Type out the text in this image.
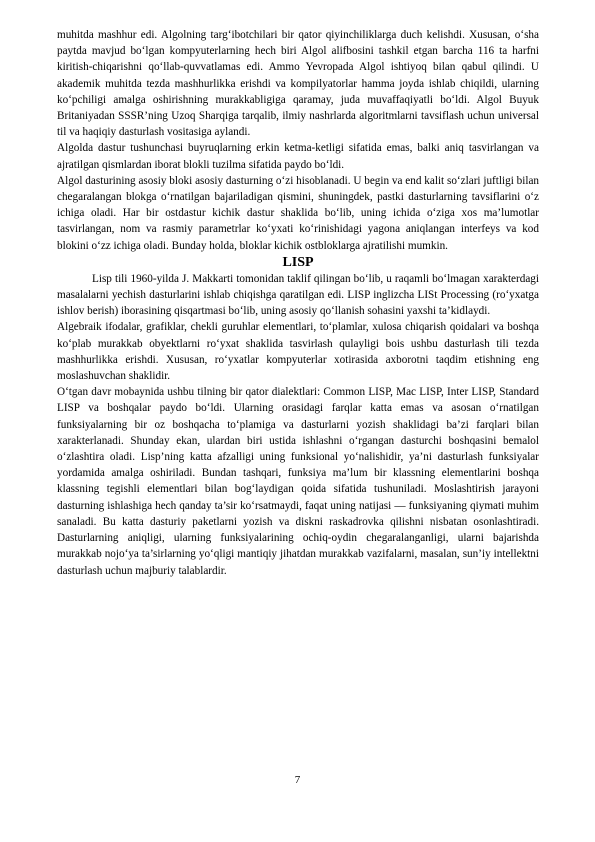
muhitda mashhur edi. Algolning targ‘ibotchilari bir qator qiyinchiliklarga duch kelishdi. Xususan, o‘sha paytda mavjud bo‘lgan kompyuterlarning hech biri Algol alifbosini tashkil etgan barcha 116 ta harfni kiritish-chiqarishni qo‘llab-quvvatlamas edi. Ammo Yevropada Algol ishtiyoq bilan qabul qilindi. U akademik muhitda tezda mashhurlikka erishdi va kompilyatorlar hamma joyda ishlab chiqildi, ularning ko‘pchiligi amalga oshirishning murakkabligiga qaramay, juda muvaffaqiyatli bo‘ldi. Algol Buyuk Britaniyadan SSSR’ning Uzoq Sharqiga tarqalib, ilmiy nashrlarda algoritmlarni tavsiflash uchun universal til va haqiqiy dasturlash vositasiga aylandi.

Algolda dastur tushunchasi buyruqlarning erkin ketma-ketligi sifatida emas, balki aniq tasvirlangan va ajratilgan qismlardan iborat blokli tuzilma sifatida paydo bo‘ldi.

Algol dasturining asosiy bloki asosiy dasturning o‘zi hisoblanadi. U begin va end kalit so‘zlari juftligi bilan chegaralangan blokga o‘rnatilgan bajariladigan qismini, shuningdek, pastki dasturlarning tavsiflarini o‘z ichiga oladi. Har bir ostdastur kichik dastur shaklida bo‘lib, uning ichida o‘ziga xos ma’lumotlar tasvirlangan, nom va rasmiy parametrlar ko‘yxati ko‘rinishidagi yagona aniqlangan interfeys va kod blokini o‘zz ichiga oladi. Bunday holda, bloklar kichik ostbloklarga ajratilishi mumkin.

LISP

Lisp tili 1960-yilda J. Makkarti tomonidan taklif qilingan bo‘lib, u raqamli bo‘lmagan xarakterdagi masalalarni yechish dasturlarini ishlab chiqishga qaratilgan edi. LISP inglizcha LISt Processing (ro‘yxatga ishlov berish) iborasining qisqartmasi bo‘lib, uning asosiy qo‘llanish sohasini yaxshi ta’kidlaydi.

Algebraik ifodalar, grafiklar, chekli guruhlar elementlari, to‘plamlar, xulosa chiqarish qoidalari va boshqa ko‘plab murakkab obyektlarni ro‘yxat shaklida tasvirlash qulayligi bois ushbu dasturlash tili tezda mashhurlikka erishdi. Xususan, ro‘yxatlar kompyuterlar xotirasida axborotni taqdim etishning eng moslashuvchan shaklidir.

O‘tgan davr mobaynida ushbu tilning bir qator dialektlari: Common LISP, Mac LISP, Inter LISP, Standard LISP va boshqalar paydo bo‘ldi. Ularning orasidagi farqlar katta emas va asosan o‘rnatilgan funksiyalarning bir oz boshqacha to‘plamiga va dasturlarni yozish shaklidagi ba’zi farqlari bilan xarakterlanadi. Shunday ekan, ulardan biri ustida ishlashni o‘rgangan dasturchi boshqasini bemalol o‘zlashtira oladi. Lisp’ning katta afzalligi uning funksional yo‘nalishidir, ya’ni dasturlash funksiyalar yordamida amalga oshiriladi. Bundan tashqari, funksiya ma’lum bir klassning elementlarini boshqa klassning tegishli elementlari bilan bog‘laydigan qoida sifatida tushuniladi. Moslashtirish jarayoni dasturning ishlashiga hech qanday ta’sir ko‘rsatmaydi, faqat uning natijasi — funksiyaning qiymati muhim sanaladi. Bu katta dasturiy paketlarni yozish va diskni raskadrovka qilishni nisbatan osonlashtiradi. Dasturlarning aniqligi, ularning funksiyalarining ochiq-oydin chegaralanganligi, ularni bajarishda murakkab nojo‘ya ta’sirlarning yo‘qligi mantiqiy jihatdan murakkab vazifalarni, masalan, sun’iy intellektni dasturlash uchun majburiy talablardir.

7
